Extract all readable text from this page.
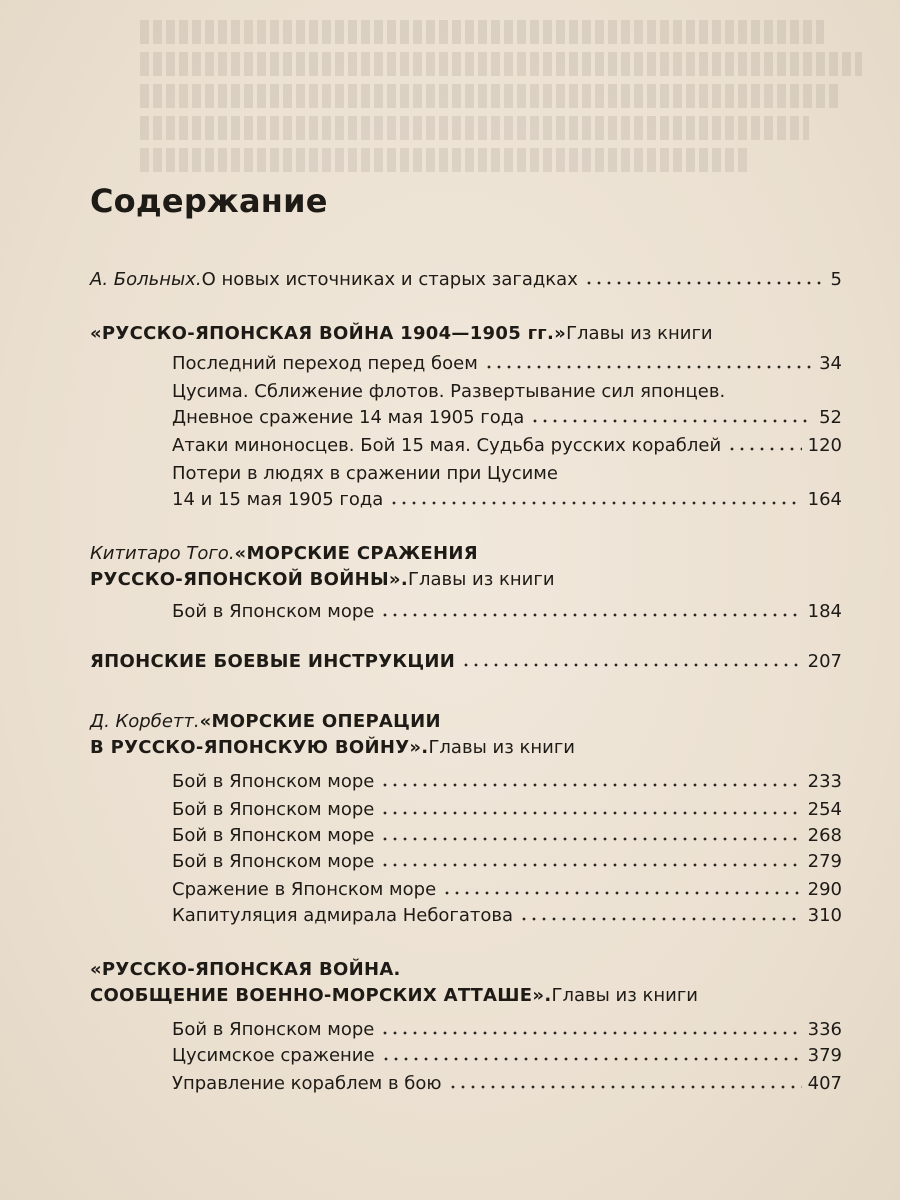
Содержание
А. Больных. О новых источниках и старых загадках	5
«РУССКО-ЯПОНСКАЯ ВОЙНА 1904—1905 гг.» Главы из книги
Последний переход перед боем	34
Цусима. Сближение флотов. Развертывание сил японцев.
Дневное сражение 14 мая 1905 года	52
Атаки миноносцев. Бой 15 мая. Судьба русских кораблей	120
Потери в людях в сражении при Цусиме
14 и 15 мая 1905 года	164
Кититаро Того. «МОРСКИЕ СРАЖЕНИЯ
РУССКО-ЯПОНСКОЙ ВОЙНЫ». Главы из книги
Бой в Японском море	184
ЯПОНСКИЕ БОЕВЫЕ ИНСТРУКЦИИ	207
Д. Корбетт. «МОРСКИЕ ОПЕРАЦИИ
В РУССКО-ЯПОНСКУЮ ВОЙНУ». Главы из книги
Бой в Японском море	233
Бой в Японском море	254
Бой в Японском море	268
Бой в Японском море	279
Сражение в Японском море	290
Капитуляция адмирала Небогатова	310
«РУССКО-ЯПОНСКАЯ ВОЙНА.
СООБЩЕНИЕ ВОЕННО-МОРСКИХ АТТАШЕ». Главы из книги
Бой в Японском море	336
Цусимское сражение	379
Управление кораблем в бою	407
